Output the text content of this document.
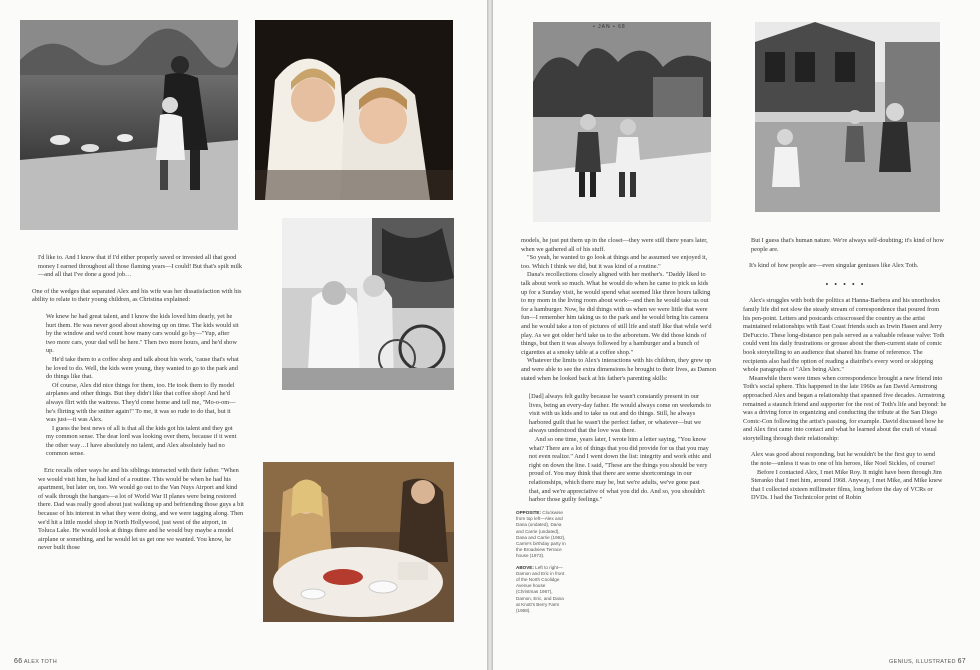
I'd like to. And I know that if I'd either properly saved or invested all that good money I earned throughout all those flaming years—I could! But that's spilt milk—and all that I've done a good job…

One of the wedges that separated Alex and his wife was her dissatisfaction with his ability to relate to their young children, as Christina explained:

We knew he had great talent, and I know the kids loved him dearly, yet he hurt them. He was never good about showing up on time. The kids would sit by the window and we'd count how many cars would go by—"Yup, after two more cars, your dad will be here." Then two more hours, and he'd show up.

He'd take them to a coffee shop and talk about his work, 'cause that's what he loved to do. Well, the kids were young, they wanted to go to the park and do things like that.

Of course, Alex did nice things for them, too. He took them to fly model airplanes and other things. But they didn't like that coffee shop! And he'd always flirt with the waitress. They'd come home and tell me, "Mo-o-om—he's flirting with the snitter again!" To me, it was so rude to do that, but it was just—it was Alex.

I guess the best news of all is that all the kids got his talent and they got my common sense. The dear lord was looking over them, because if it went the other way…I have absolutely no talent, and Alex absolutely had no common sense.

Eric recalls other ways he and his siblings interacted with their father. "When we would visit him, he had kind of a routine. This would be when he had his apartment, but later on, too. We would go out to the Van Nuys Airport and kind of walk through the hangars—a lot of World War II planes were being restored there. Dad was really good about just walking up and befriending those guys a bit because of his interest in what they were doing, and we were tagging along. Then we'd hit a little model shop in North Hollywood, just west of the airport, in Toluca Lake. He would look at things there and he would buy maybe a model airplane or something, and he would let us get one we wanted. You know, he never built those

66 ALEX TOTH
• JAN • 68

models, he just put them up in the closet—they were still there years later, when we gathered all of his stuff.

"So yeah, he wanted to go look at things and he assumed we enjoyed it, too. Which I think we did, but it was kind of a routine."

Dana's recollections closely aligned with her mother's. "Daddy liked to talk about work so much. What he would do when he came to pick us kids up for a Sunday visit, he would spend what seemed like three hours talking to my mom in the living room about work—and then he would take us out for a hamburger. Now, he did things with us when we were little that were fun—I remember him taking us to the park and he would bring his camera and he would take a ton of pictures of still life and stuff like that while we'd play. As we got older he'd take us to the arboretum. We did those kinds of things, but then it was always followed by a hamburger and a bunch of cigarettes at a smoky table at a coffee shop."

Whatever the limits to Alex's interactions with his children, they grew up and were able to see the extra dimensions he brought to their lives, as Damon stated when he looked back at his father's parenting skills:

[Dad] always felt guilty because he wasn't constantly present in our lives, being an every-day father. He would always come on weekends to visit with us kids and to take us out and do things. Still, he always harbored guilt that he wasn't the perfect father, or whatever—but we always understood that the love was there.

And so one time, years later, I wrote him a letter saying, "You know what? There are a lot of things that you did provide for us that you may not even realize." And I went down the list: integrity and work ethic and right on down the line. I said, "These are the things you should be very proud of. You may think that there are some shortcomings in our relationships, which there may be, but we're adults, we've gone past that, and we're appreciative of what you did do. And so, you shouldn't harbor those guilty feelings."

But I guess that's human nature. We're always self-doubting; it's kind of how people are.

It's kind of how people are—even singular geniuses like Alex Toth.

• • • • •

Alex's struggles with both the politics at Hanna-Barbera and his unorthodox family life did not slow the steady stream of correspondence that poured from his pen-point. Letters and postcards crisscrossed the country as the artist maintained relationships with East Coast friends such as Irwin Hasen and Jerry DeFuccio. These long-distance pen pals served as a valuable release valve: Toth could vent his daily frustrations or grouse about the then-current state of comic book storytelling to an audience that shared his frame of reference. The recipients also had the option of reading a diatribe's every word or skipping whole paragraphs of "Alex being Alex."

Meanwhile there were times when correspondence brought a new friend into Toth's social sphere. This happened in the late 1960s as fan David Armstrong approached Alex and began a relationship that spanned five decades. Armstrong remained a staunch friend and supporter for the rest of Toth's life and beyond: he was a driving force in organizing and conducting the tribute at the San Diego Comic-Con following the artist's passing, for example. David discussed how he and Alex first came into contact and what he learned about the craft of visual storytelling through their relationship:

Alex was good about responding, but he wouldn't be the first guy to send the note—unless it was to one of his heroes, like Noel Sickles, of course!

Before I contacted Alex, I met Mike Roy. It might have been through Jim Steranko that I met him, around 1968. Anyway, I met Mike, and Mike knew that I collected sixteen millimeter films, long before the day of VCRs or DVDs. I had the Technicolor print of Robin

GENIUS, ILLUSTRATED 67
OPPOSITE: Clockwise from top left—Alex and Dana (undated), Dana and Carrie (undated), Dana and Carrie (1962), Carrie's birthday party in the Broadview Terrace house (1973).
ABOVE: Left to right—Damon and Eric in front of the North Coolidge Avenue house (Christmas 1967), Damon, Eric, and Dana at Knott's Berry Farm (1968).
